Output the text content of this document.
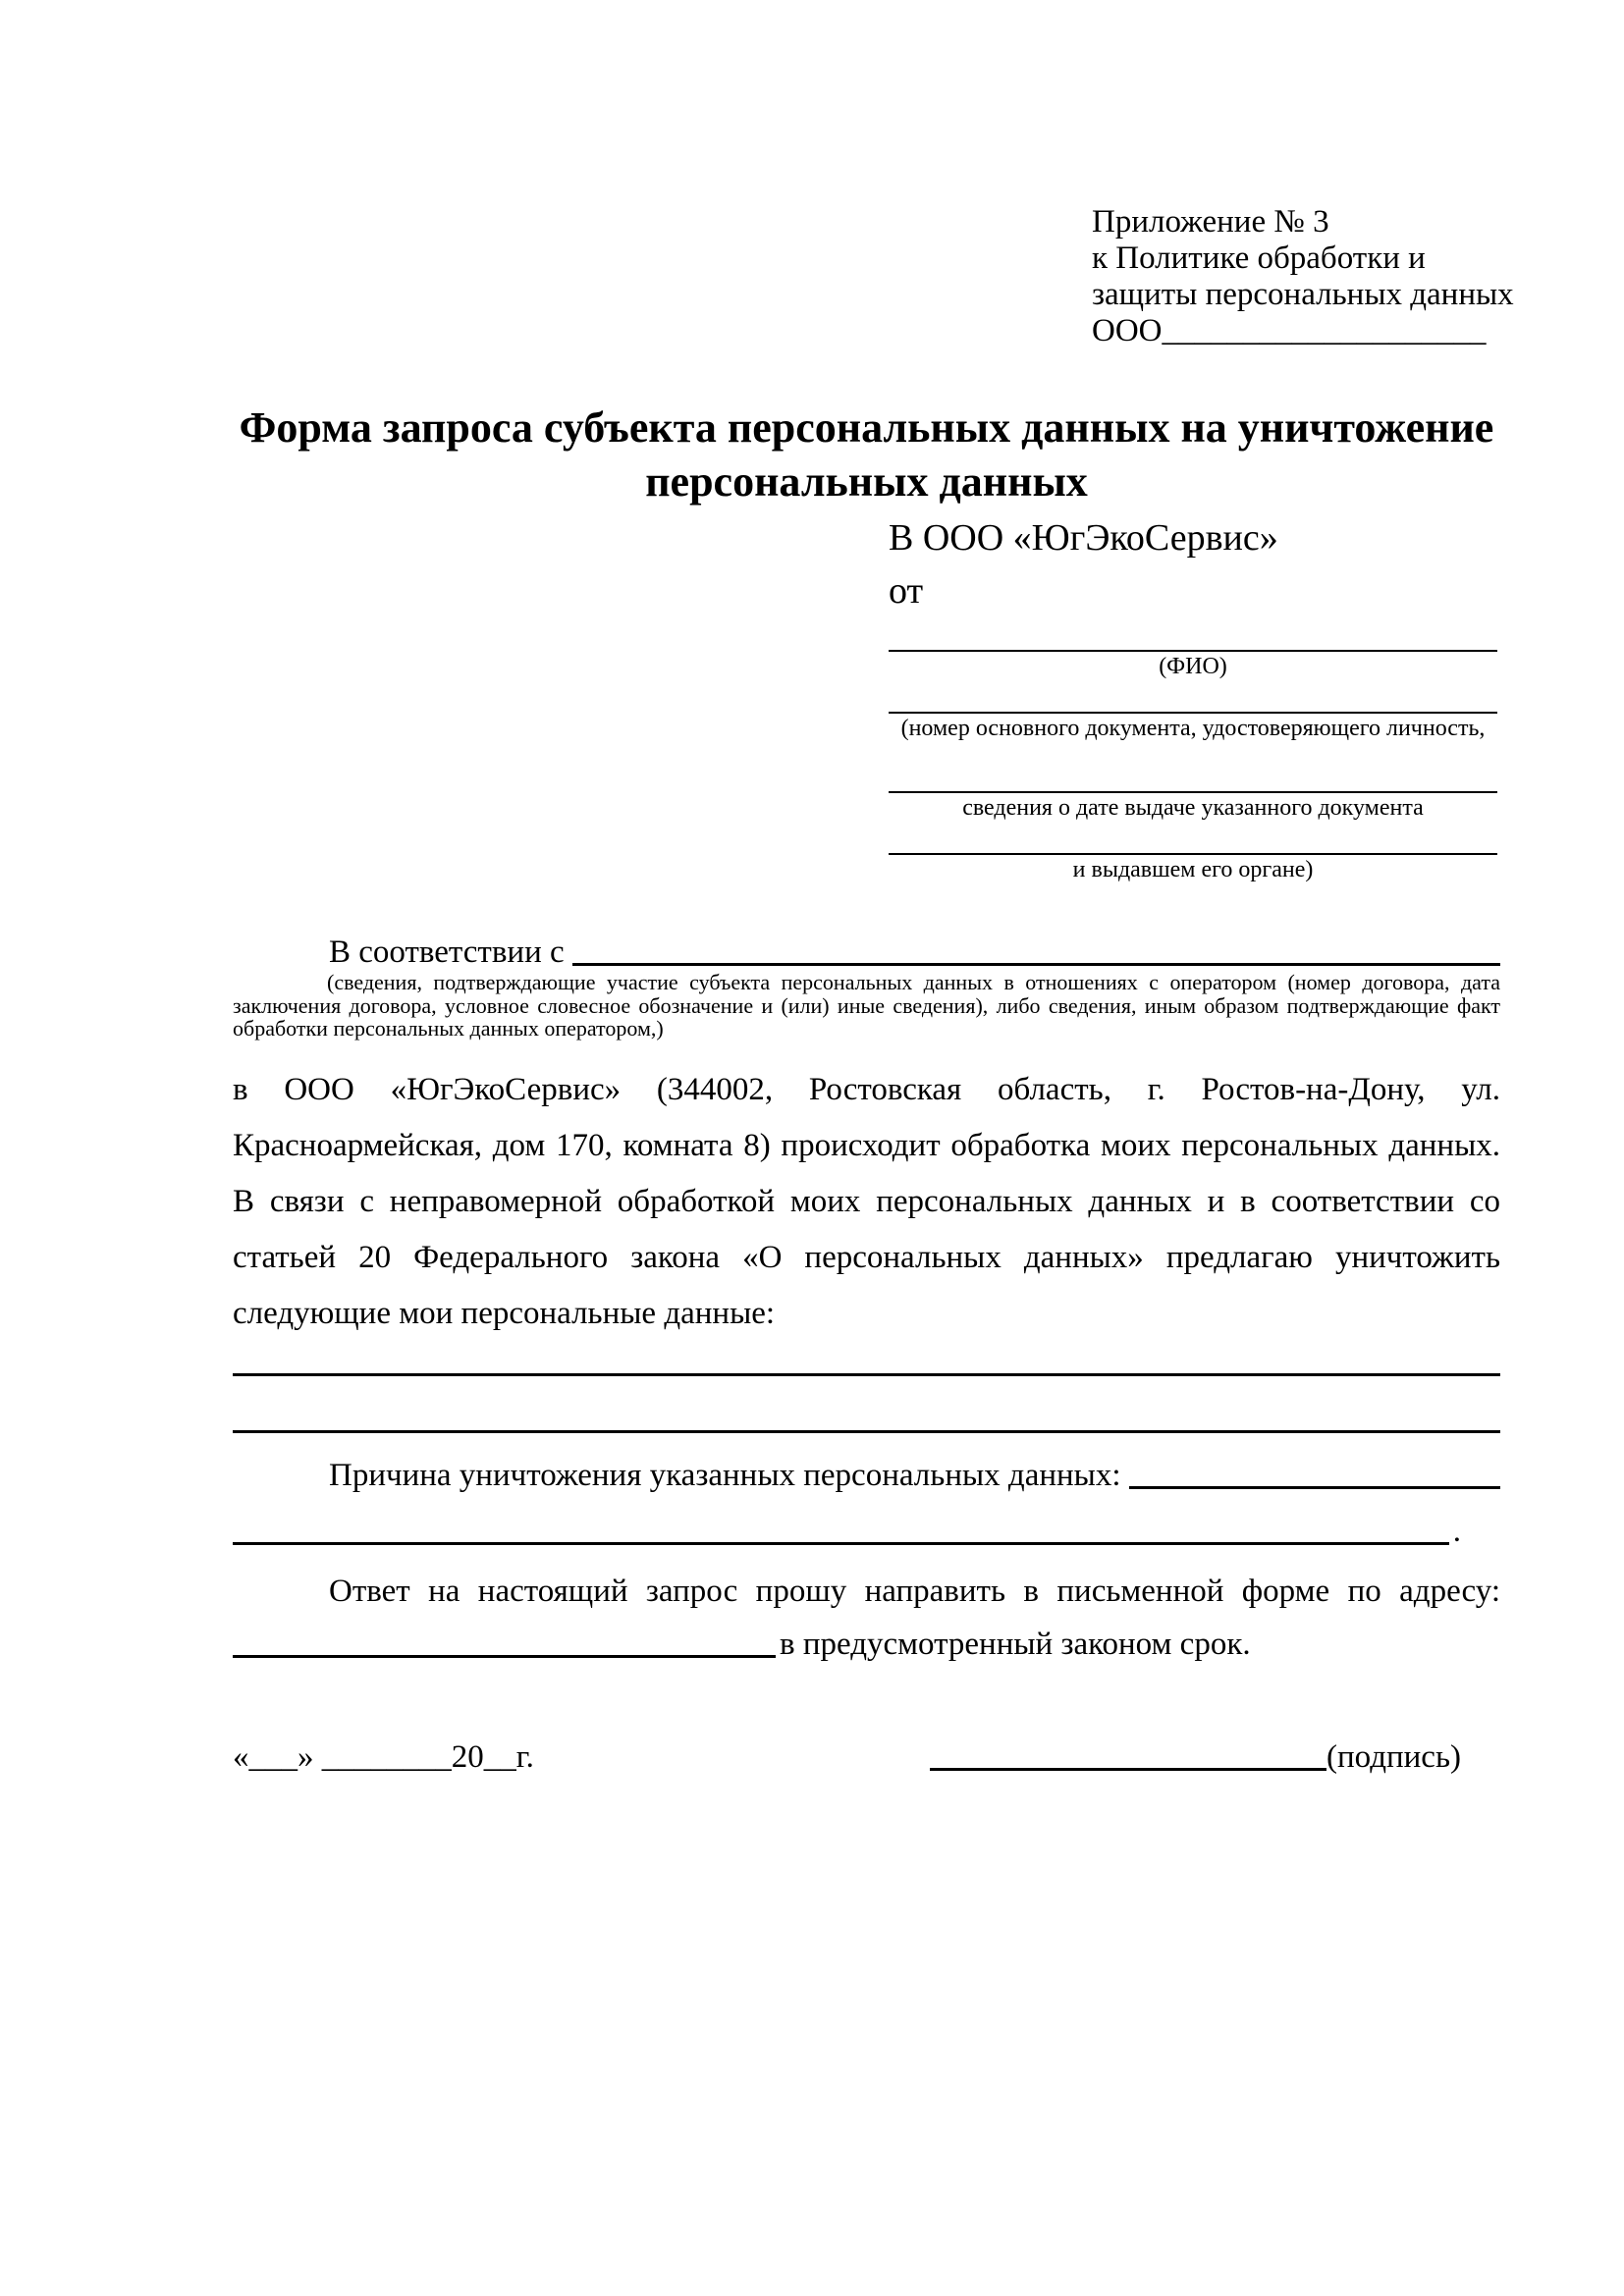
Приложение № 3
к Политике обработки и
защиты персональных данных
ООО____________________
Форма запроса субъекта персональных данных на уничтожение персональных данных
В ООО «ЮгЭкоСервис»
от
(ФИО)
(номер основного документа, удостоверяющего личность,
сведения о дате выдаче указанного документа
и выдавшем его органе)
В соответствии с
(сведения, подтверждающие участие субъекта персональных данных в отношениях с оператором (номер договора, дата заключения договора, условное словесное обозначение и (или) иные сведения), либо сведения, иным образом подтверждающие факт обработки персональных данных оператором,)
в ООО «ЮгЭкоСервис» (344002, Ростовская область, г. Ростов-на-Дону, ул. Красноармейская, дом 170, комната 8) происходит обработка моих персональных данных. В связи с неправомерной обработкой моих персональных данных и в соответствии со статьей 20 Федерального закона «О персональных данных» предлагаю уничтожить следующие мои персональные данные:
Причина уничтожения указанных персональных данных:
.
Ответ на настоящий запрос прошу направить в письменной форме по адресу:
в предусмотренный законом срок.
«___» ________20__г.	(подпись)
